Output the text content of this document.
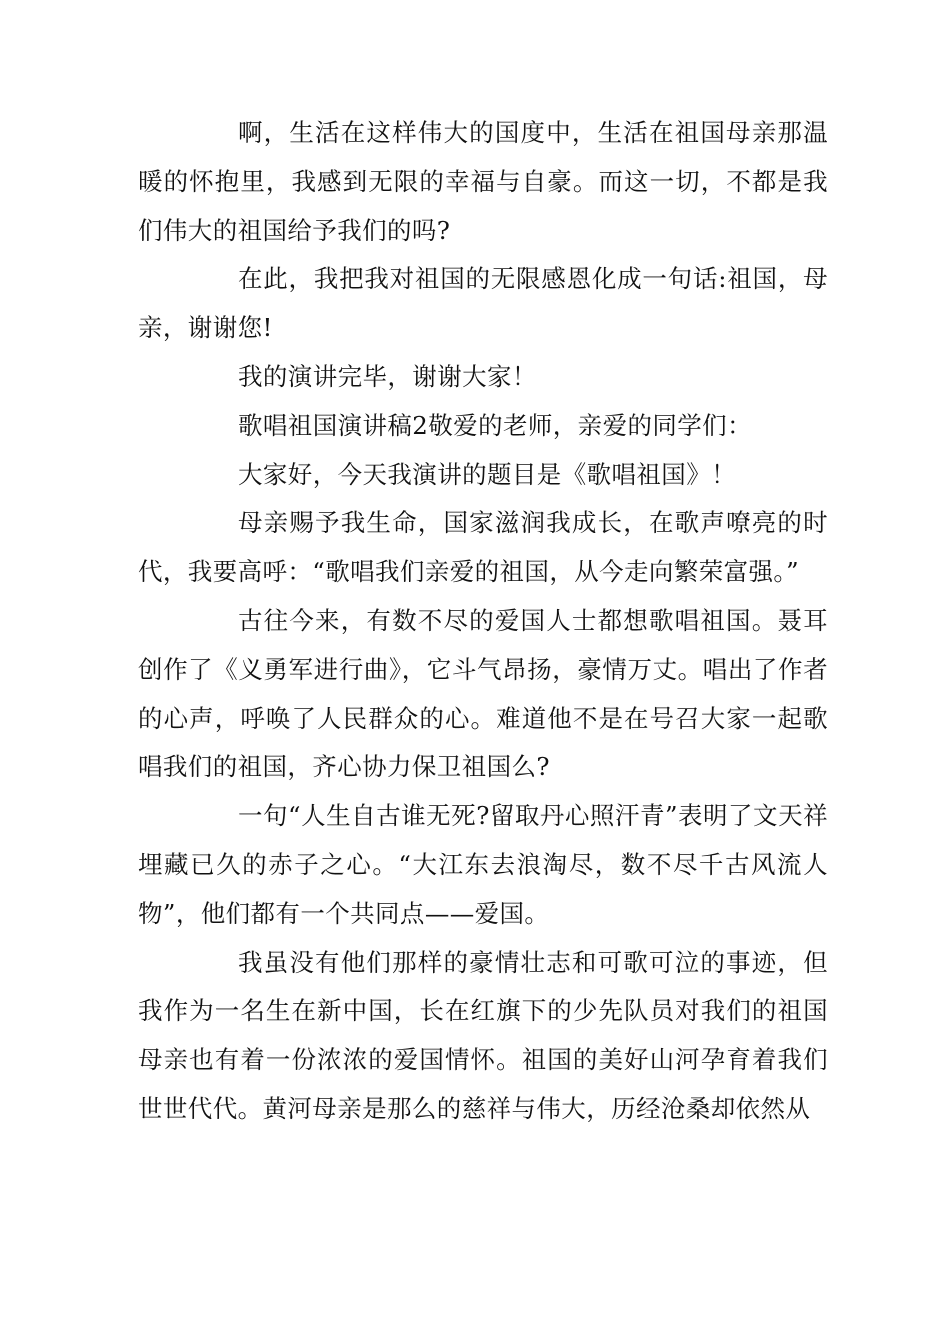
啊，生活在这样伟大的国度中，生活在祖国母亲那温暖的怀抱里，我感到无限的幸福与自豪。而这一切，不都是我们伟大的祖国给予我们的吗?

在此，我把我对祖国的无限感恩化成一句话:祖国，母亲，谢谢您!

我的演讲完毕，谢谢大家！

歌唱祖国演讲稿2敬爱的老师，亲爱的同学们：

大家好，今天我演讲的题目是《歌唱祖国》！

母亲赐予我生命，国家滋润我成长，在歌声嘹亮的时代，我要高呼：“歌唱我们亲爱的祖国，从今走向繁荣富强。”

古往今来，有数不尽的爱国人士都想歌唱祖国。聂耳创作了《义勇军进行曲》，它斗气昂扬，豪情万丈。唱出了作者的心声，呼唤了人民群众的心。难道他不是在号召大家一起歌唱我们的祖国，齐心协力保卫祖国么?

一句“人生自古谁无死?留取丹心照汗青”表明了文天祥埋藏已久的赤子之心。“大江东去浪淘尽，数不尽千古风流人物”，他们都有一个共同点——爱国。

我虽没有他们那样的豪情壮志和可歌可泣的事迹，但我作为一名生在新中国，长在红旗下的少先队员对我们的祖国母亲也有着一份浓浓的爱国情怀。祖国的美好山河孕育着我们世世代代。黄河母亲是那么的慈祥与伟大，历经沧桑却依然从
